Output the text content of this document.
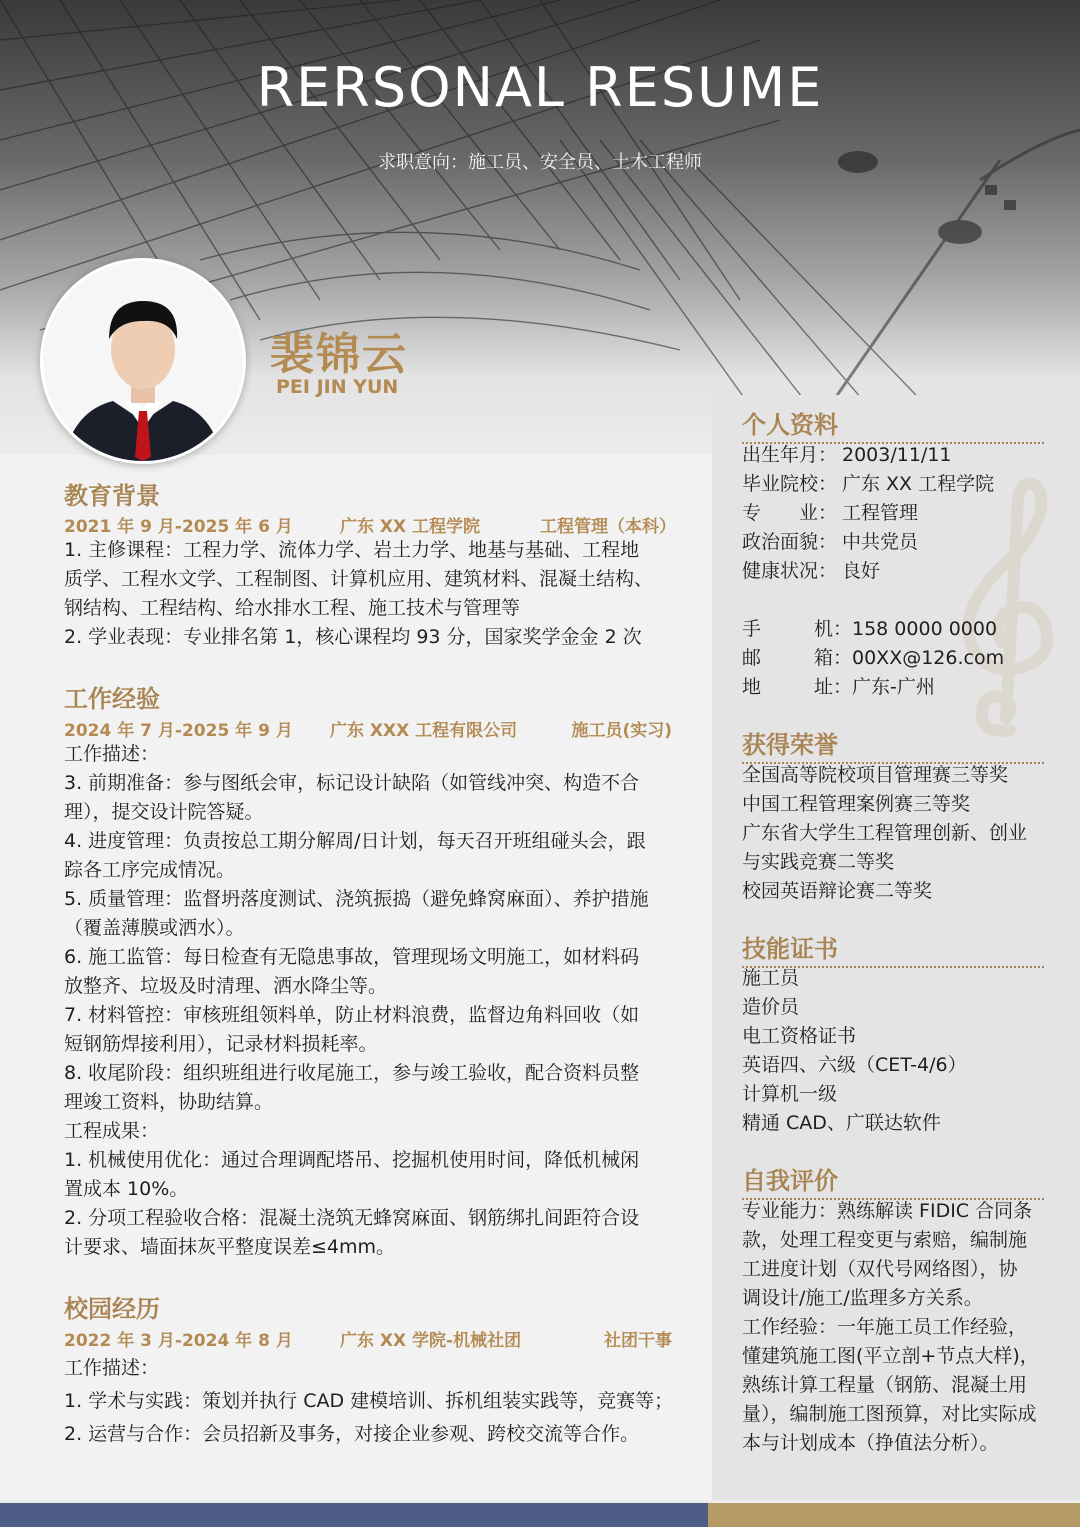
RERSONAL RESUME
求职意向：施工员、安全员、土木工程师
裴锦云
PEI JIN YUN
教育背景
2021 年 9 月-2025 年 6 月	广东 XX 工程学院	工程管理（本科）
1. 主修课程：工程力学、流体力学、岩土力学、地基与基础、工程地
质学、工程水文学、工程制图、计算机应用、建筑材料、混凝土结构、
钢结构、工程结构、给水排水工程、施工技术与管理等
2. 学业表现：专业排名第 1，核心课程均 93 分，国家奖学金金 2 次
工作经验
2024 年 7 月-2025 年 9 月 广东 XXX 工程有限公司	施工员(实习)
工作描述：
3. 前期准备：参与图纸会审，标记设计缺陷（如管线冲突、构造不合
理），提交设计院答疑。
4. 进度管理：负责按总工期分解周/日计划，每天召开班组碰头会，跟
踪各工序完成情况。
5. 质量管理：监督坍落度测试、浇筑振捣（避免蜂窝麻面）、养护措施
（覆盖薄膜或洒水）。
6. 施工监管：每日检查有无隐患事故，管理现场文明施工，如材料码
放整齐、垃圾及时清理、洒水降尘等。
7. 材料管控：审核班组领料单，防止材料浪费，监督边角料回收（如
短钢筋焊接利用），记录材料损耗率。
8. 收尾阶段：组织班组进行收尾施工，参与竣工验收，配合资料员整
理竣工资料，协助结算。
工程成果：
1. 机械使用优化：通过合理调配塔吊、挖掘机使用时间，降低机械闲
置成本 10%。
2. 分项工程验收合格：混凝土浇筑无蜂窝麻面、钢筋绑扎间距符合设
计要求、墙面抹灰平整度误差≤4mm。
校园经历
2022 年 3 月-2024 年 8 月	广东 XX 学院-机械社团	社团干事
工作描述：
1. 学术与实践：策划并执行 CAD 建模培训、拆机组装实践等，竞赛等；
2. 运营与合作：会员招新及事务，对接企业参观、跨校交流等合作。
个人资料
出生年月： 2003/11/11
毕业院校： 广东 XX 工程学院
专　　业： 工程管理
政治面貌： 中共党员
健康状况： 良好
手	机： 158 0000 0000
邮	箱： 00XX@126.com
地	址： 广东-广州
获得荣誉
全国高等院校项目管理赛三等奖
中国工程管理案例赛三等奖
广东省大学生工程管理创新、创业
与实践竞赛二等奖
校园英语辩论赛二等奖
技能证书
施工员
造价员
电工资格证书
英语四、六级（CET-4/6）
计算机一级
精通 CAD、广联达软件
自我评价
专业能力：熟练解读 FIDIC 合同条
款，处理工程变更与索赔，编制施
工进度计划（双代号网络图），协
调设计/施工/监理多方关系。
工作经验：一年施工员工作经验，
懂建筑施工图(平立剖+节点大样)，
熟练计算工程量（钢筋、混凝土用
量），编制施工图预算，对比实际成
本与计划成本（挣值法分析）。
